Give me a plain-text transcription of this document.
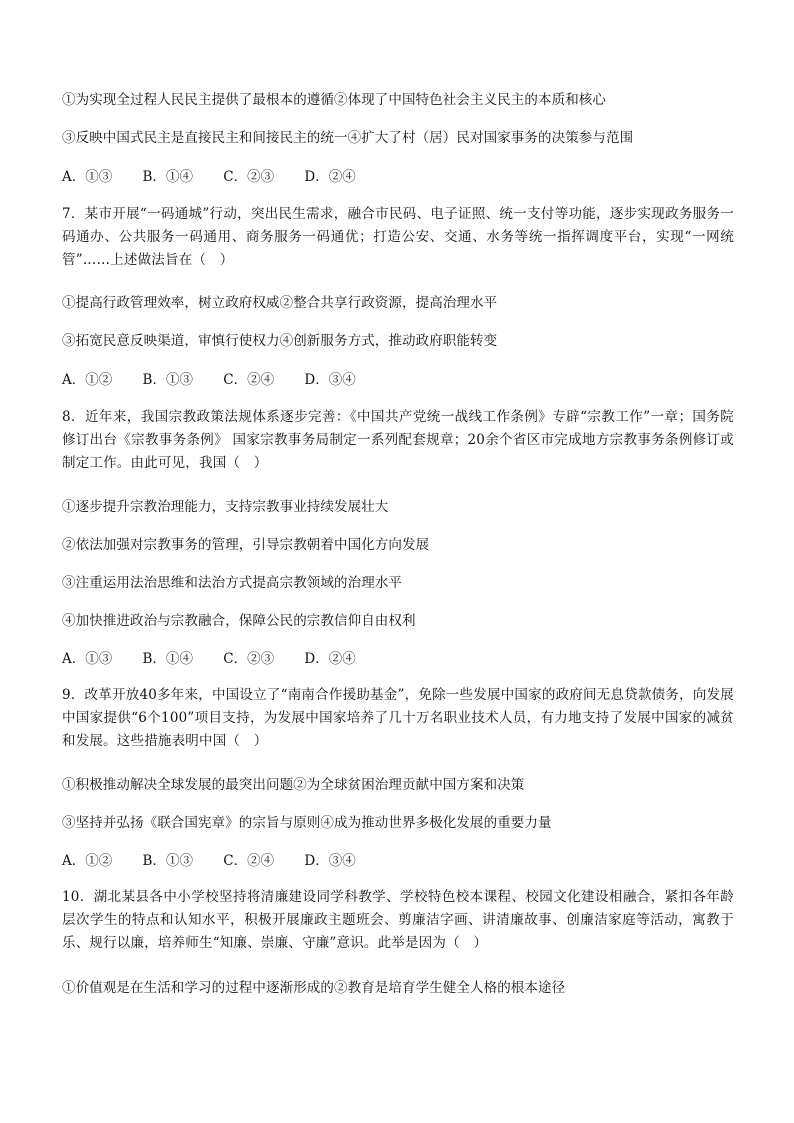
①为实现全过程人民民主提供了最根本的遵循②体现了中国特色社会主义民主的本质和核心
③反映中国式民主是直接民主和间接民主的统一④扩大了村（居）民对国家事务的决策参与范围
A．①③ B．①④ C．②③ D．②④
7．某市开展“一码通城”行动，突出民生需求，融合市民码、电子证照、统一支付等功能，逐步实现政务服务一码通办、公共服务一码通用、商务服务一码通优；打造公安、交通、水务等统一指挥调度平台，实现“一网统管”……上述做法旨在（　）
①提高行政管理效率，树立政府权威②整合共享行政资源，提高治理水平
③拓宽民意反映渠道，审慎行使权力④创新服务方式，推动政府职能转变
A．①② B．①③ C．②④ D．③④
8．近年来，我国宗教政策法规体系逐步完善：《中国共产党统一战线工作条例》专辟“宗教工作”一章；国务院修订出台《宗教事务条例》 国家宗教事务局制定一系列配套规章；20余个省区市完成地方宗教事务条例修订或制定工作。由此可见，我国（　）
①逐步提升宗教治理能力，支持宗教事业持续发展壮大
②依法加强对宗教事务的管理，引导宗教朝着中国化方向发展
③注重运用法治思维和法治方式提高宗教领域的治理水平
④加快推进政治与宗教融合，保障公民的宗教信仰自由权利
A．①③ B．①④ C．②③ D．②④
9．改革开放40多年来，中国设立了“南南合作援助基金”，免除一些发展中国家的政府间无息贷款债务，向发展中国家提供“6个100”项目支持，为发展中国家培养了几十万名职业技术人员，有力地支持了发展中国家的减贫和发展。这些措施表明中国（　）
①积极推动解决全球发展的最突出问题②为全球贫困治理贡献中国方案和决策
③坚持并弘扬《联合国宪章》的宗旨与原则④成为推动世界多极化发展的重要力量
A．①② B．①③ C．②④ D．③④
10．湖北某县各中小学校坚持将清廉建设同学科教学、学校特色校本课程、校园文化建设相融合，紧扣各年龄层次学生的特点和认知水平，积极开展廉政主题班会、剪廉洁字画、讲清廉故事、创廉洁家庭等活动，寓教于乐、规行以廉，培养师生“知廉、崇廉、守廉”意识。此举是因为（　）
①价值观是在生活和学习的过程中逐渐形成的②教育是培育学生健全人格的根本途径
